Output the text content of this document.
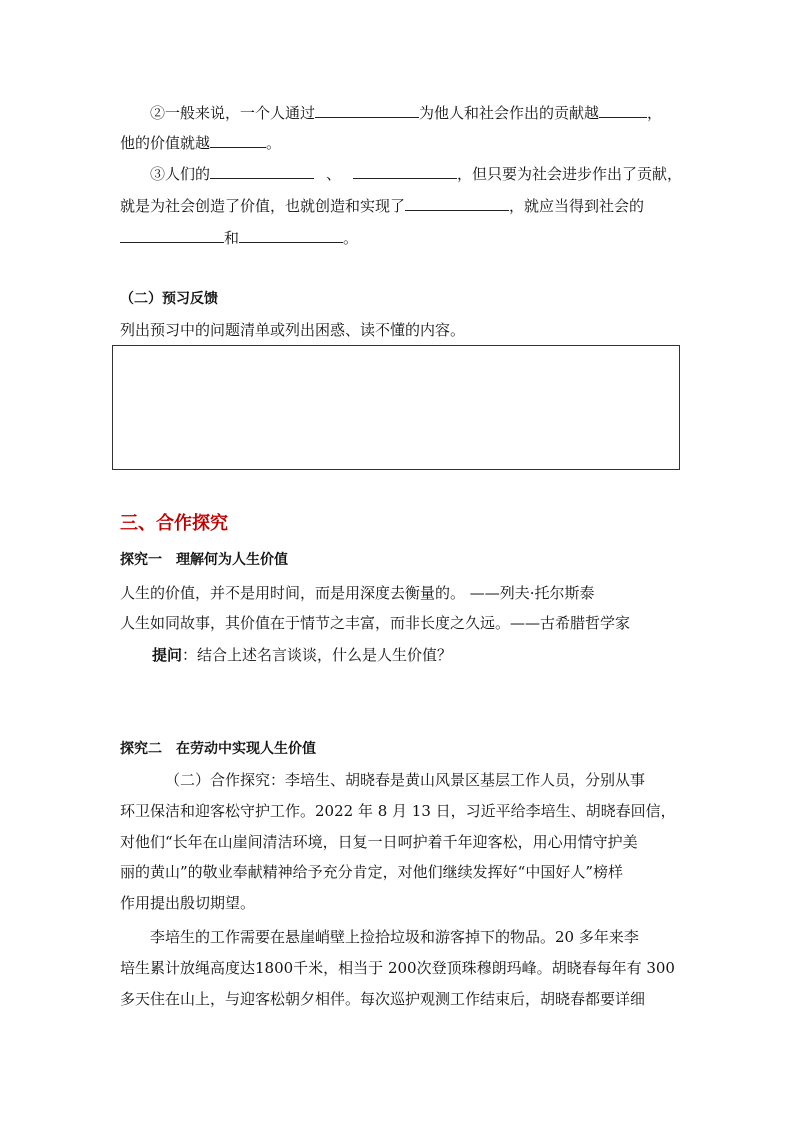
②一般来说，一个人通过	为他人和社会作出的贡献越	，
他的价值就越	。
③人们的	、	，但只要为社会进步作出了贡献，
就是为社会创造了价值，也就创造和实现了	，就应当得到社会的
和	。
（二）预习反馈
列出预习中的问题清单或列出困惑、读不懂的内容。
三、合作探究
探究一　理解何为人生价值
人生的价值，并不是用时间，而是用深度去衡量的。 ——列夫·托尔斯泰
人生如同故事，其价值在于情节之丰富，而非长度之久远。——古希腊哲学家
提问：结合上述名言谈谈，什么是人生价值？
探究二　在劳动中实现人生价值
（二）合作探究：李培生、胡晓春是黄山风景区基层工作人员，分别从事
环卫保洁和迎客松守护工作。2022 年 8 月 13 日，习近平给李培生、胡晓春回信，
对他们“长年在山崖间清洁环境，日复一日呵护着千年迎客松，用心用情守护美
丽的黄山”的敬业奉献精神给予充分肯定，对他们继续发挥好“中国好人”榜样
作用提出殷切期望。
李培生的工作需要在悬崖峭壁上捡拾垃圾和游客掉下的物品。20 多年来李
培生累计放绳高度达1800千米，相当于 200次登顶珠穆朗玛峰。胡晓春每年有 300
多天住在山上，与迎客松朝夕相伴。每次巡护观测工作结束后，胡晓春都要详细
